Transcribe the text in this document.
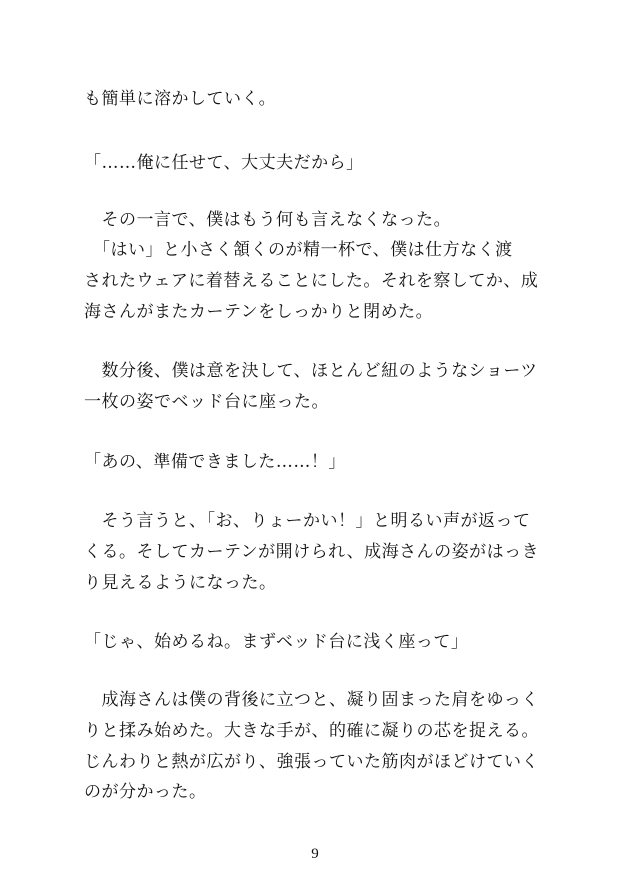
も簡単に溶かしていく。
「……俺に任せて、大丈夫だから」
　その一言で、僕はもう何も言えなくなった。
　「はい」と小さく頷くのが精一杯で、僕は仕方なく渡
されたウェアに着替えることにした。それを察してか、成
海さんがまたカーテンをしっかりと閉めた。
　数分後、僕は意を決して、ほとんど紐のようなショーツ
一枚の姿でベッド台に座った。
「あの、準備できました……！」
　そう言うと、「お、りょーかい！」と明るい声が返って
くる。そしてカーテンが開けられ、成海さんの姿がはっき
り見えるようになった。
「じゃ、始めるね。まずベッド台に浅く座って」
　成海さんは僕の背後に立つと、凝り固まった肩をゆっく
りと揉み始めた。大きな手が、的確に凝りの芯を捉える。
じんわりと熱が広がり、強張っていた筋肉がほどけていく
のが分かった。
9
